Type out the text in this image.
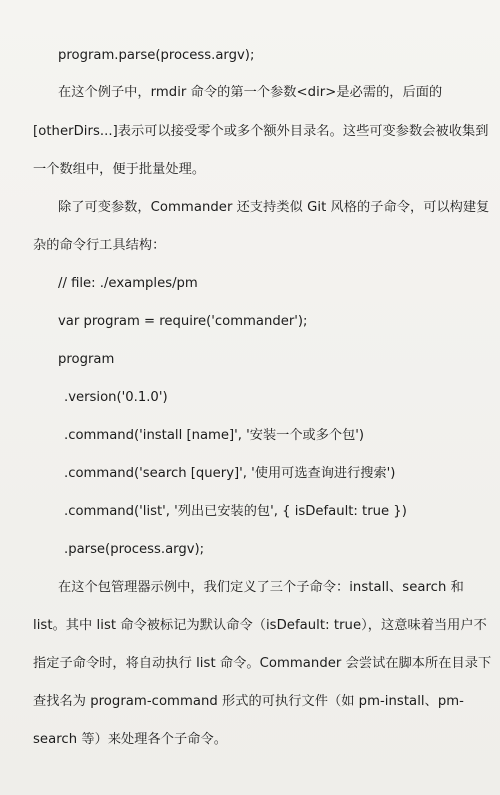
program.parse(process.argv);
在这个例子中，rmdir 命令的第一个参数<dir>是必需的，后面的
[otherDirs...]表示可以接受零个或多个额外目录名。这些可变参数会被收集到
一个数组中，便于批量处理。
除了可变参数，Commander 还支持类似 Git 风格的子命令，可以构建复
杂的命令行工具结构：
// file: ./examples/pm
var program = require('commander');
program
.version('0.1.0')
.command('install [name]', '安装一个或多个包')
.command('search [query]', '使用可选查询进行搜索')
.command('list', '列出已安装的包', { isDefault: true })
.parse(process.argv);
在这个包管理器示例中，我们定义了三个子命令：install、search 和
list。其中 list 命令被标记为默认命令（isDefault: true），这意味着当用户不
指定子命令时，将自动执行 list 命令。Commander 会尝试在脚本所在目录下
查找名为 program-command 形式的可执行文件（如 pm-install、pm-
search 等）来处理各个子命令。
